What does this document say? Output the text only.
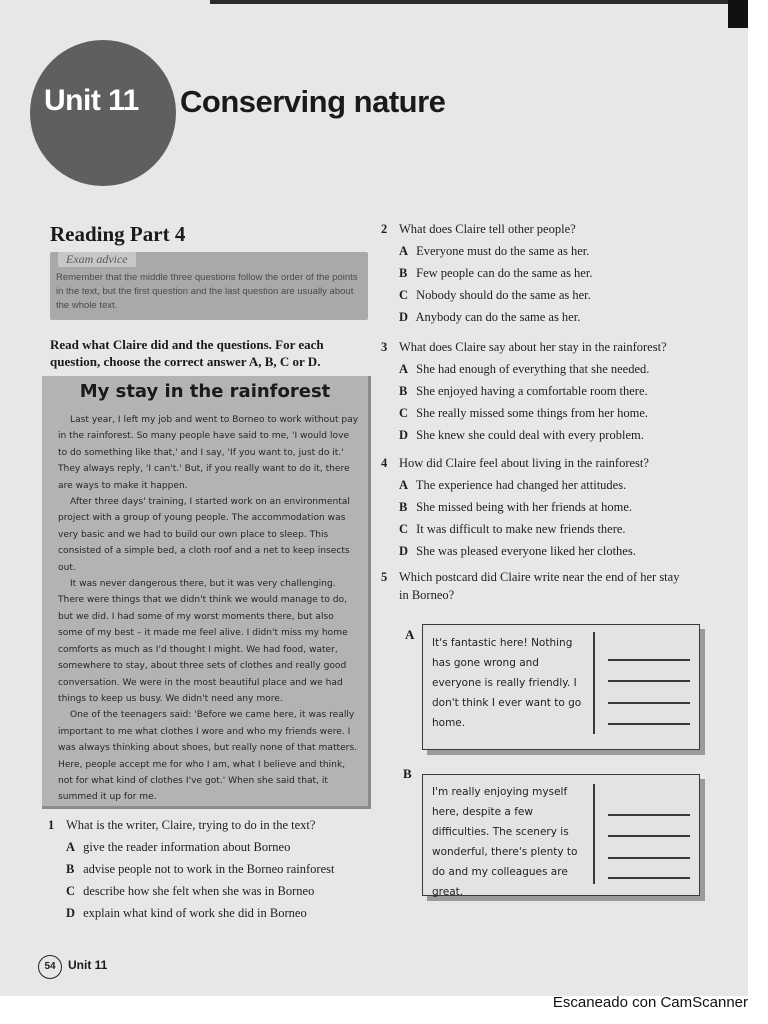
Unit 11 Conserving nature
Reading Part 4
Exam advice
Remember that the middle three questions follow the order of the points in the text, but the first question and the last question are usually about the whole text.
Read what Claire did and the questions. For each question, choose the correct answer A, B, C or D.
My stay in the rainforest

Last year, I left my job and went to Borneo to work without pay in the rainforest. So many people have said to me, 'I would love to do something like that,' and I say, 'If you want to, just do it.' They always reply, 'I can't.' But, if you really want to do it, there are ways to make it happen.

After three days' training, I started work on an environmental project with a group of young people. The accommodation was very basic and we had to build our own place to sleep. This consisted of a simple bed, a cloth roof and a net to keep insects out.

It was never dangerous there, but it was very challenging. There were things that we didn't think we would manage to do, but we did. I had some of my worst moments there, but also some of my best – it made me feel alive. I didn't miss my home comforts as much as I'd thought I might. We had food, water, somewhere to stay, about three sets of clothes and really good conversation. We were in the most beautiful place and we had things to keep us busy. We didn't need any more.

One of the teenagers said: 'Before we came here, it was really important to me what clothes I wore and who my friends were. I was always thinking about shoes, but really none of that matters. Here, people accept me for who I am, what I believe and think, not for what kind of clothes I've got.' When she said that, it summed it up for me.

1 What is the writer, Claire, trying to do in the text?
A give the reader information about Borneo
B advise people not to work in the Borneo rainforest
C describe how she felt when she was in Borneo
D explain what kind of work she did in Borneo
2 What does Claire tell other people?
A Everyone must do the same as her.
B Few people can do the same as her.
C Nobody should do the same as her.
D Anybody can do the same as her.
3 What does Claire say about her stay in the rainforest?
A She had enough of everything that she needed.
B She enjoyed having a comfortable room there.
C She really missed some things from her home.
D She knew she could deal with every problem.
4 How did Claire feel about living in the rainforest?
A The experience had changed her attitudes.
B She missed being with her friends at home.
C It was difficult to make new friends there.
D She was pleased everyone liked her clothes.
5 Which postcard did Claire write near the end of her stay in Borneo?
A
It's fantastic here! Nothing has gone wrong and everyone is really friendly. I don't think I ever want to go home.
B
I'm really enjoying myself here, despite a few difficulties. The scenery is wonderful, there's plenty to do and my colleagues are great.
54	Unit 11
Escaneado con CamScanner
